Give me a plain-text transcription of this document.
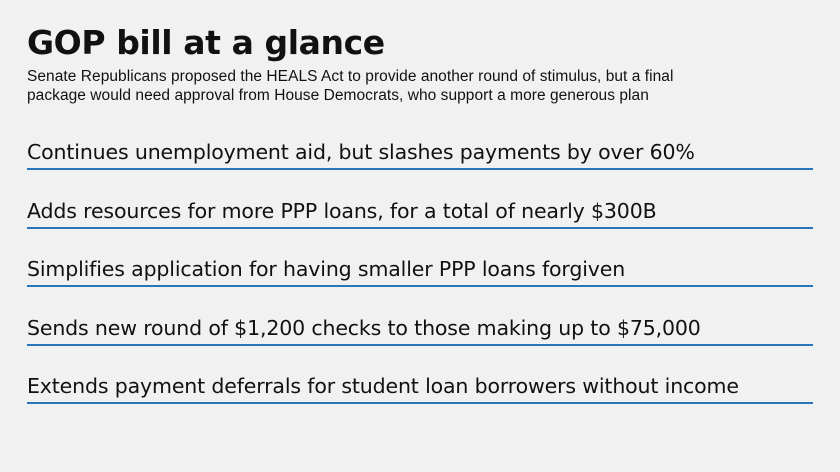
GOP bill at a glance

Senate Republicans proposed the HEALS Act to provide another round of stimulus, but a final
package would need approval from House Democrats, who support a more generous plan

Continues unemployment aid, but slashes payments by over 60%
Adds resources for more PPP loans, for a total of nearly $300B
Simplifies application for having smaller PPP loans forgiven
Sends new round of $1,200 checks to those making up to $75,000
Extends payment deferrals for student loan borrowers without income
